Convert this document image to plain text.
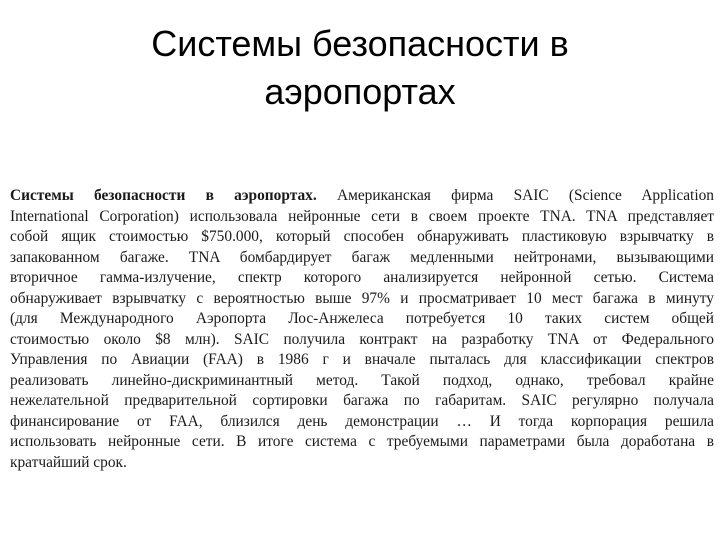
Системы безопасности в
аэропортах
Системы безопасности в аэропортах. Американская фирма SAIC (Science Application
International Corporation) использовала нейронные сети в своем проекте TNA. TNA представляет
собой ящик стоимостью $750.000, который способен обнаруживать пластиковую взрывчатку в
запакованном багаже. TNA бомбардирует багаж медленными нейтронами, вызывающими
вторичное гамма-излучение, спектр которого анализируется нейронной сетью. Система
обнаруживает взрывчатку с вероятностью выше 97% и просматривает 10 мест багажа в минуту
(для Международного Аэропорта Лос-Анжелеса потребуется 10 таких систем общей
стоимостью около $8 млн). SAIC получила контракт на разработку TNA от Федерального
Управления по Авиации (FAA) в 1986 г и вначале пыталась для классификации спектров
реализовать линейно-дискриминантный метод. Такой подход, однако, требовал крайне
нежелательной предварительной сортировки багажа по габаритам. SAIC регулярно получала
финансирование от FAA, близился день демонстрации … И тогда корпорация решила
использовать нейронные сети. В итоге система с требуемыми параметрами была доработана в
кратчайший срок.
